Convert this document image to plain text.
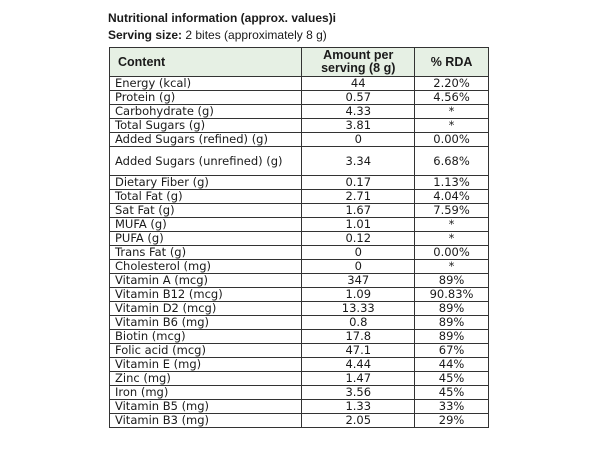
Nutritional information (approx. values)i
Serving size: 2 bites (approximately 8 g)
Content	Amount per serving (8 g)	% RDA
Energy (kcal)	44	2.20%
Protein (g)	0.57	4.56%
Carbohydrate (g)	4.33	*
Total Sugars (g)	3.81	*
Added Sugars (refined) (g)	0	0.00%
Added Sugars (unrefined) (g)	3.34	6.68%
Dietary Fiber (g)	0.17	1.13%
Total Fat (g)	2.71	4.04%
Sat Fat (g)	1.67	7.59%
MUFA (g)	1.01	*
PUFA (g)	0.12	*
Trans Fat (g)	0	0.00%
Cholesterol (mg)	0	*
Vitamin A (mcg)	347	89%
Vitamin B12 (mcg)	1.09	90.83%
Vitamin D2 (mcg)	13.33	89%
Vitamin B6 (mg)	0.8	89%
Biotin (mcg)	17.8	89%
Folic acid (mcg)	47.1	67%
Vitamin E (mg)	4.44	44%
Zinc (mg)	1.47	45%
Iron (mg)	3.56	45%
Vitamin B5 (mg)	1.33	33%
Vitamin B3 (mg)	2.05	29%
